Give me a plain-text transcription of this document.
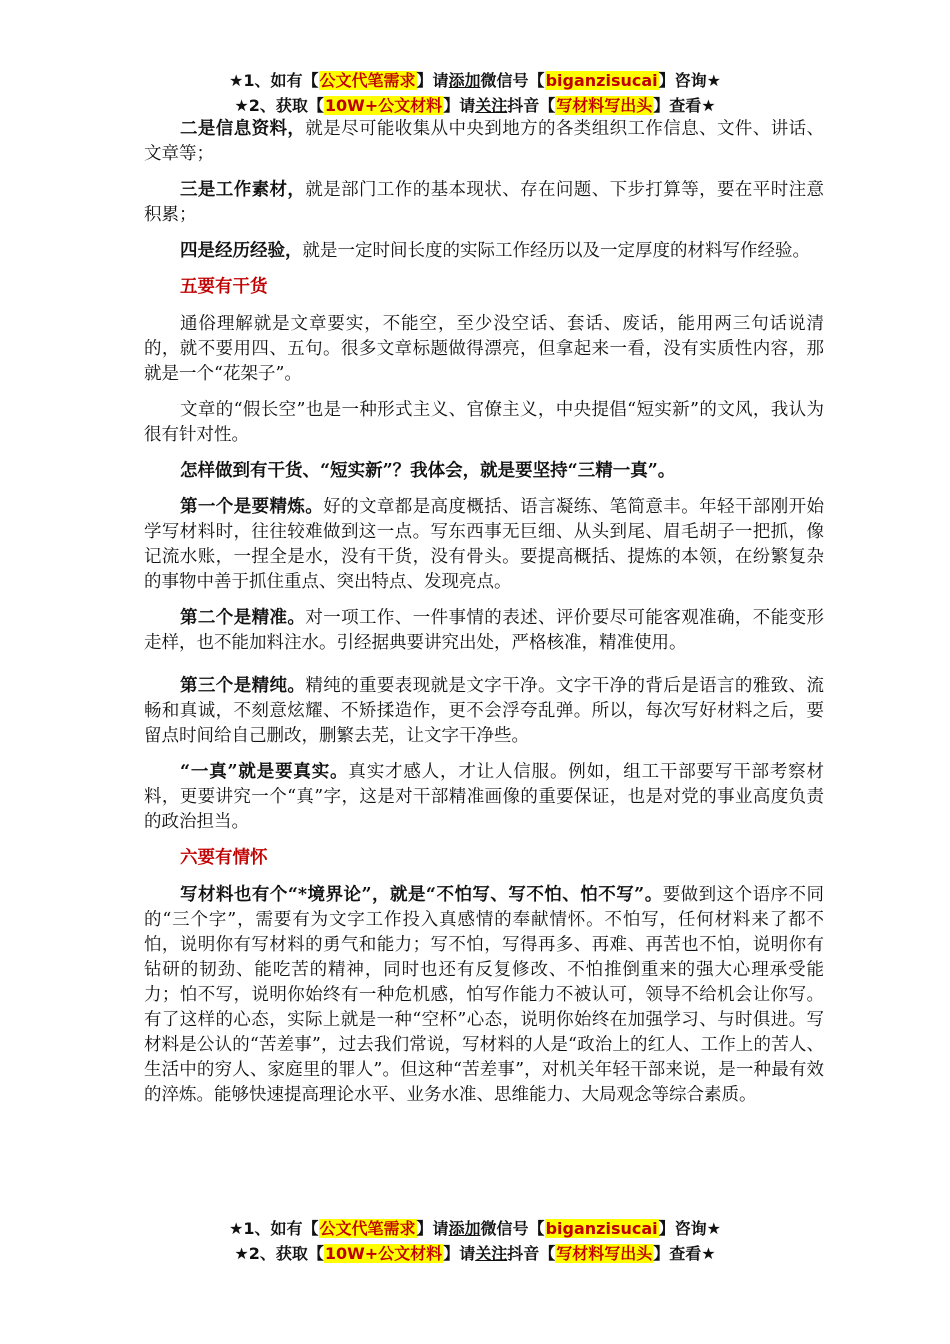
★1、如有【公文代笔需求】请添加微信号【biganzisucai】咨询★
★2、获取【10W+公文材料】请关注抖音【写材料写出头】查看★

二是信息资料，就是尽可能收集从中央到地方的各类组织工作信息、文件、讲话、文章等；

三是工作素材，就是部门工作的基本现状、存在问题、下步打算等，要在平时注意积累；

四是经历经验，就是一定时间长度的实际工作经历以及一定厚度的材料写作经验。

五要有干货

通俗理解就是文章要实，不能空，至少没空话、套话、废话，能用两三句话说清的，就不要用四、五句。很多文章标题做得漂亮，但拿起来一看，没有实质性内容，那就是一个“花架子”。

文章的“假长空”也是一种形式主义、官僚主义，中央提倡“短实新”的文风，我认为很有针对性。

怎样做到有干货、“短实新”？我体会，就是要坚持“三精一真”。

第一个是要精炼。好的文章都是高度概括、语言凝练、笔简意丰。年轻干部刚开始学写材料时，往往较难做到这一点。写东西事无巨细、从头到尾、眉毛胡子一把抓，像记流水账，一捏全是水，没有干货，没有骨头。要提高概括、提炼的本领，在纷繁复杂的事物中善于抓住重点、突出特点、发现亮点。

第二个是精准。对一项工作、一件事情的表述、评价要尽可能客观准确，不能变形走样，也不能加料注水。引经据典要讲究出处，严格核准，精准使用。

第三个是精纯。精纯的重要表现就是文字干净。文字干净的背后是语言的雅致、流畅和真诚，不刻意炫耀、不矫揉造作，更不会浮夸乱弹。所以，每次写好材料之后，要留点时间给自己删改，删繁去芜，让文字干净些。

“一真”就是要真实。真实才感人，才让人信服。例如，组工干部要写干部考察材料，更要讲究一个“真”字，这是对干部精准画像的重要保证，也是对党的事业高度负责的政治担当。

六要有情怀

写材料也有个“*境界论”，就是“不怕写、写不怕、怕不写”。要做到这个语序不同的“三个字”，需要有为文字工作投入真感情的奉献情怀。不怕写，任何材料来了都不怕，说明你有写材料的勇气和能力；写不怕，写得再多、再难、再苦也不怕，说明你有钻研的韧劲、能吃苦的精神，同时也还有反复修改、不怕推倒重来的强大心理承受能力；怕不写，说明你始终有一种危机感，怕写作能力不被认可，领导不给机会让你写。有了这样的心态，实际上就是一种“空杯”心态，说明你始终在加强学习、与时俱进。写材料是公认的“苦差事”，过去我们常说，写材料的人是“政治上的红人、工作上的苦人、生活中的穷人、家庭里的罪人”。但这种“苦差事”，对机关年轻干部来说，是一种最有效的淬炼。能够快速提高理论水平、业务水准、思维能力、大局观念等综合素质。

★1、如有【公文代笔需求】请添加微信号【biganzisucai】咨询★
★2、获取【10W+公文材料】请关注抖音【写材料写出头】查看★
